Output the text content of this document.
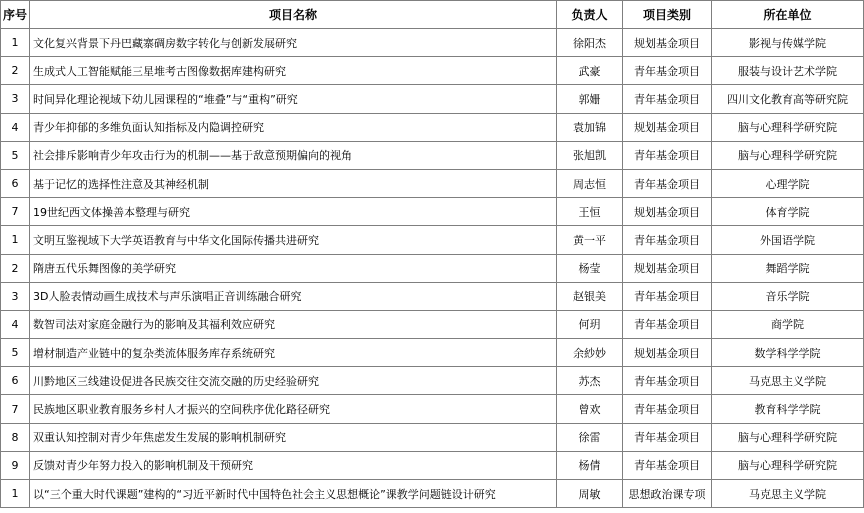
序号	项目名称	负责人	项目类别	所在单位
1	文化复兴背景下丹巴藏寨碉房数字转化与创新发展研究	徐阳杰	规划基金项目	影视与传媒学院
2	生成式人工智能赋能三星堆考古图像数据库建构研究	武豪	青年基金项目	服装与设计艺术学院
3	时间异化理论视域下幼儿园课程的“堆叠”与“重构”研究	郭姗	青年基金项目	四川文化教育高等研究院
4	青少年抑郁的多维负面认知指标及内隐调控研究	袁加锦	规划基金项目	脑与心理科学研究院
5	社会排斥影响青少年攻击行为的机制——基于敌意预期偏向的视角	张旭凯	青年基金项目	脑与心理科学研究院
6	基于记忆的选择性注意及其神经机制	周志恒	青年基金项目	心理学院
7	19世纪西文体操善本整理与研究	王恒	规划基金项目	体育学院
1	文明互鉴视域下大学英语教育与中华文化国际传播共进研究	黄一平	青年基金项目	外国语学院
2	隋唐五代乐舞图像的美学研究	杨莹	规划基金项目	舞蹈学院
3	3D人脸表情动画生成技术与声乐演唱正音训练融合研究	赵银美	青年基金项目	音乐学院
4	数智司法对家庭金融行为的影响及其福利效应研究	何玥	青年基金项目	商学院
5	增材制造产业链中的复杂类流体服务库存系统研究	余紗妙	规划基金项目	数学科学学院
6	川黔地区三线建设促进各民族交往交流交融的历史经验研究	苏杰	青年基金项目	马克思主义学院
7	民族地区职业教育服务乡村人才振兴的空间秩序优化路径研究	曾欢	青年基金项目	教育科学学院
8	双重认知控制对青少年焦虑发生发展的影响机制研究	徐雷	青年基金项目	脑与心理科学研究院
9	反馈对青少年努力投入的影响机制及干预研究	杨倩	青年基金项目	脑与心理科学研究院
1	以“三个重大时代课题”建构的“习近平新时代中国特色社会主义思想概论”课教学问题链设计研究	周敏	思想政治课专项	马克思主义学院
